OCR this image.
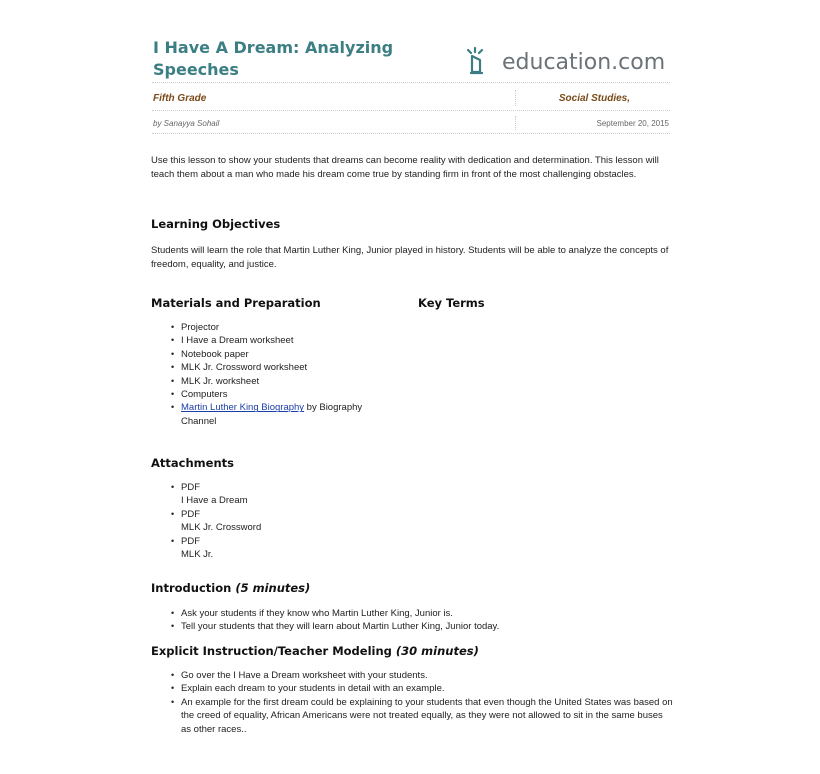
I Have A Dream: Analyzing Speeches	education.com
Fifth Grade	Social Studies,
by Sanayya Sohail	September 20, 2015

Use this lesson to show your students that dreams can become reality with dedication and determination. This lesson will teach them about a man who made his dream come true by standing firm in front of the most challenging obstacles.

Learning Objectives

Students will learn the role that Martin Luther King, Junior played in history. Students will be able to analyze the concepts of freedom, equality, and justice.

Materials and Preparation	Key Terms
• Projector
• I Have a Dream worksheet
• Notebook paper
• MLK Jr. Crossword worksheet
• MLK Jr. worksheet
• Computers
• Martin Luther King Biography by Biography
Channel
Attachments
• PDF
I Have a Dream
• PDF
MLK Jr. Crossword
• PDF
MLK Jr.
Introduction (5 minutes)
• Ask your students if they know who Martin Luther King, Junior is.
• Tell your students that they will learn about Martin Luther King, Junior today.
Explicit Instruction/Teacher Modeling (30 minutes)
• Go over the I Have a Dream worksheet with your students.
• Explain each dream to your students in detail with an example.
• An example for the first dream could be explaining to your students that even though the United States was based on the creed of equality, African Americans were not treated equally, as they were not allowed to sit in the same buses as other races..
